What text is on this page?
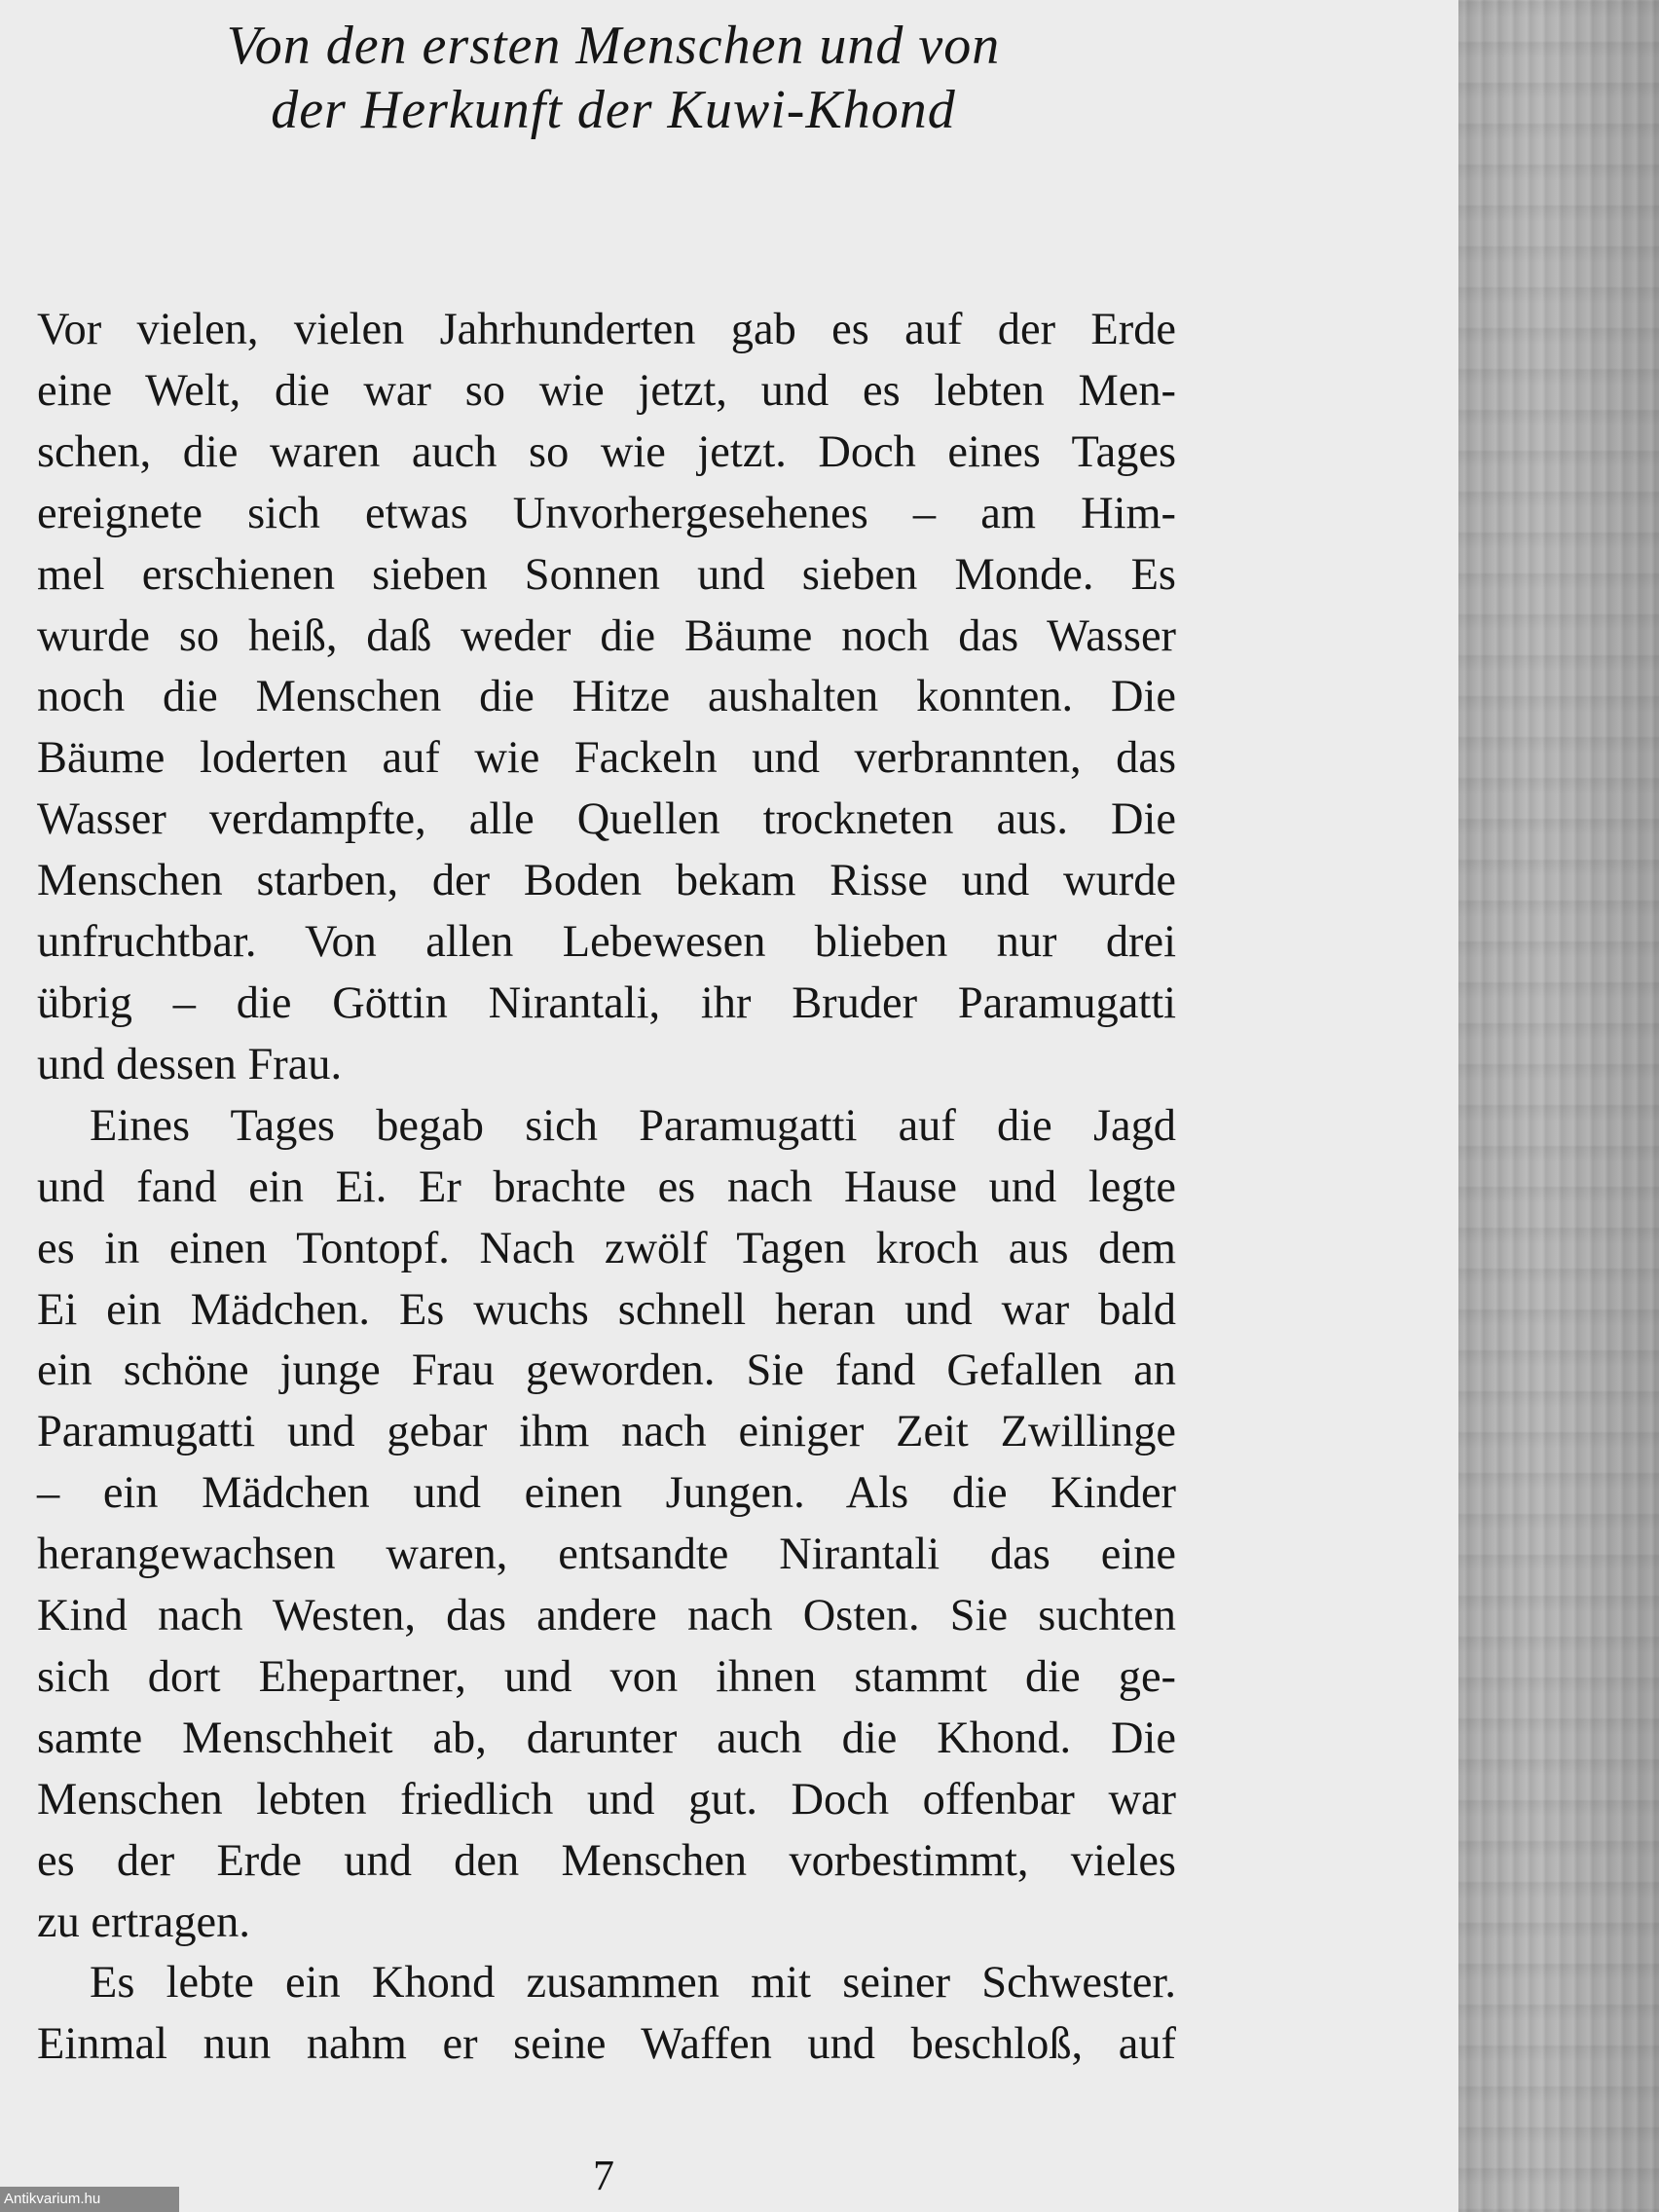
Von den ersten Menschen und von
der Herkunft der Kuwi-Khond
Vor vielen, vielen Jahrhunderten gab es auf der Erde
eine Welt, die war so wie jetzt, und es lebten Men-
schen, die waren auch so wie jetzt. Doch eines Tages
ereignete sich etwas Unvorhergesehenes – am Him-
mel erschienen sieben Sonnen und sieben Monde. Es
wurde so heiß, daß weder die Bäume noch das Wasser
noch die Menschen die Hitze aushalten konnten. Die
Bäume loderten auf wie Fackeln und verbrannten, das
Wasser verdampfte, alle Quellen trockneten aus. Die
Menschen starben, der Boden bekam Risse und wurde
unfruchtbar. Von allen Lebewesen blieben nur drei
übrig – die Göttin Nirantali, ihr Bruder Paramugatti
und dessen Frau.
Eines Tages begab sich Paramugatti auf die Jagd
und fand ein Ei. Er brachte es nach Hause und legte
es in einen Tontopf. Nach zwölf Tagen kroch aus dem
Ei ein Mädchen. Es wuchs schnell heran und war bald
ein schöne junge Frau geworden. Sie fand Gefallen an
Paramugatti und gebar ihm nach einiger Zeit Zwillinge
– ein Mädchen und einen Jungen. Als die Kinder
herangewachsen waren, entsandte Nirantali das eine
Kind nach Westen, das andere nach Osten. Sie suchten
sich dort Ehepartner, und von ihnen stammt die ge-
samte Menschheit ab, darunter auch die Khond. Die
Menschen lebten friedlich und gut. Doch offenbar war
es der Erde und den Menschen vorbestimmt, vieles
zu ertragen.
Es lebte ein Khond zusammen mit seiner Schwester.
Einmal nun nahm er seine Waffen und beschloß, auf
7
Antikvarium.hu
